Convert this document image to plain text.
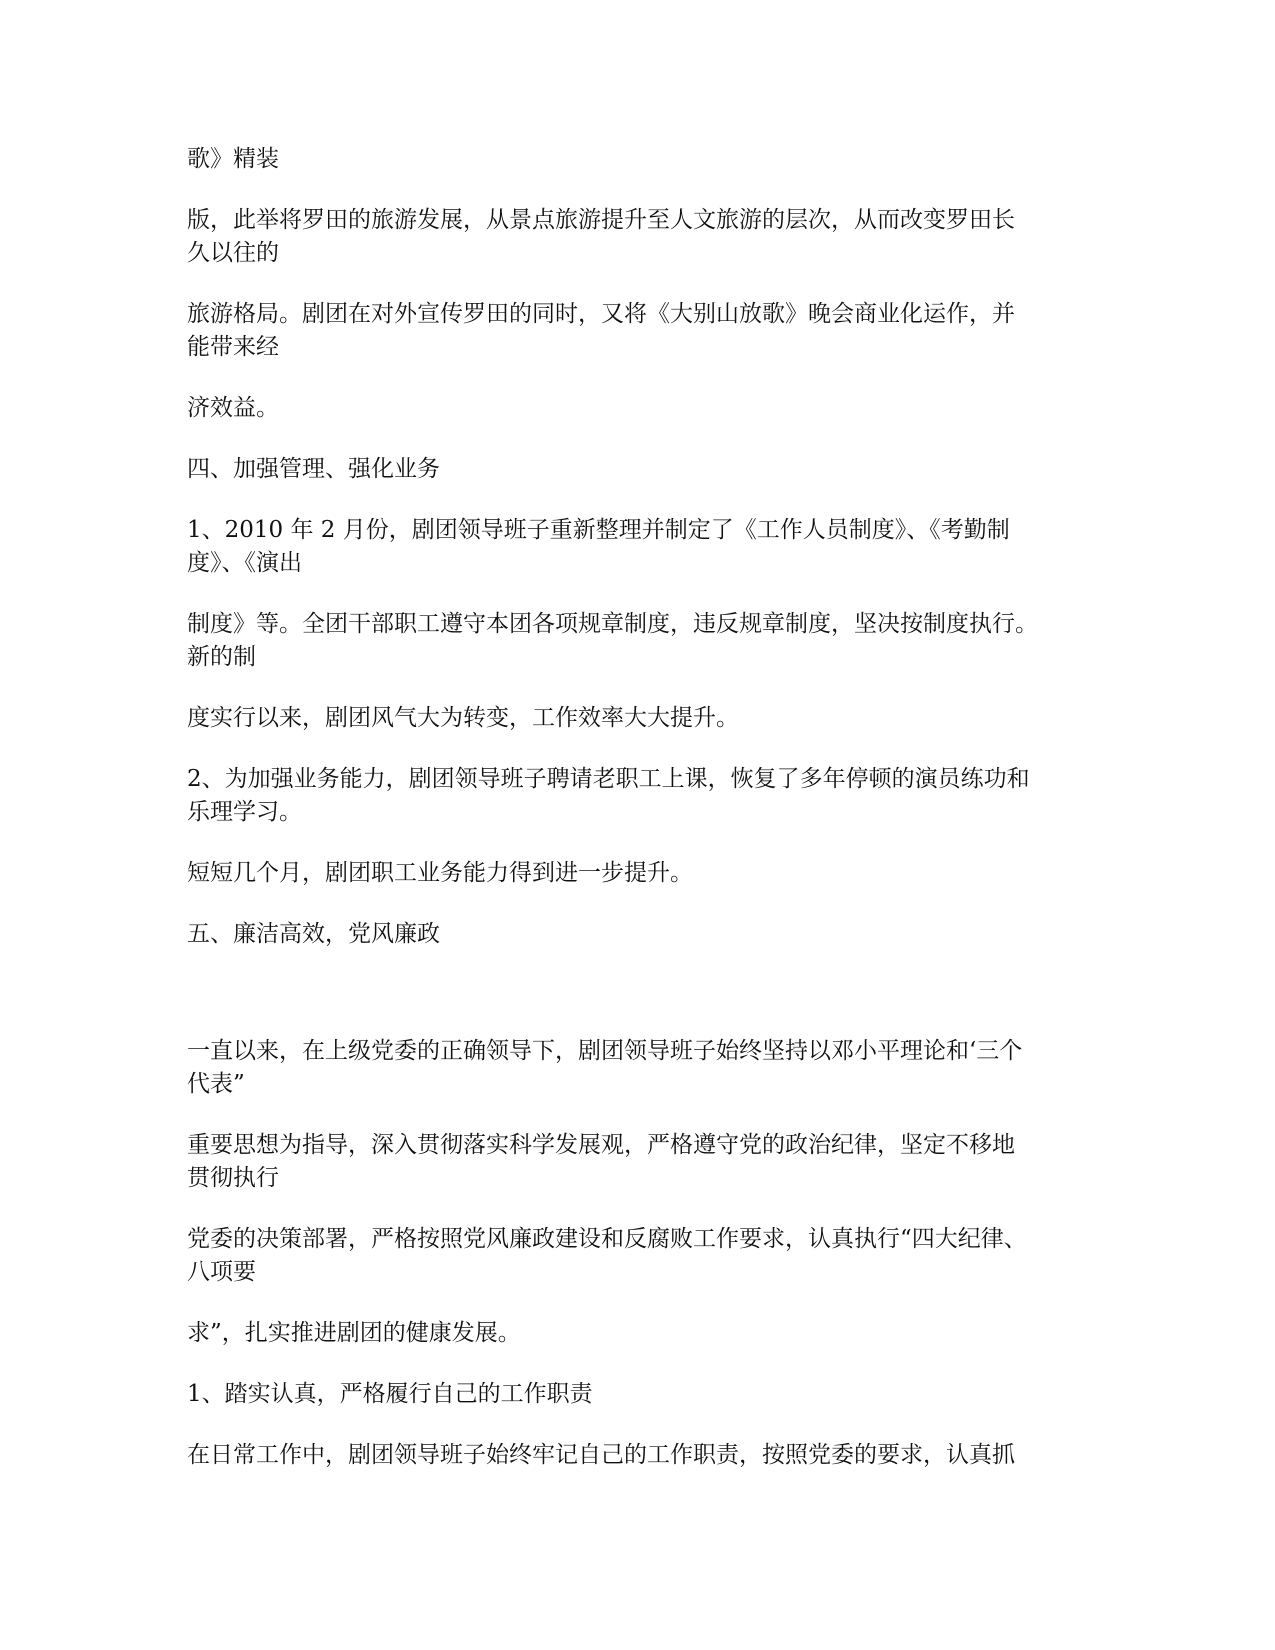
歌》精装

版，此举将罗田的旅游发展，从景点旅游提升至人文旅游的层次，从而改变罗田长
久以往的

旅游格局。剧团在对外宣传罗田的同时，又将《大别山放歌》晚会商业化运作，并
能带来经

济效益。

四、加强管理、强化业务

1、2010 年 2 月份，剧团领导班子重新整理并制定了《工作人员制度》、《考勤制
度》、《演出

制度》等。全团干部职工遵守本团各项规章制度，违反规章制度，坚决按制度执行。
新的制

度实行以来，剧团风气大为转变，工作效率大大提升。

2、为加强业务能力，剧团领导班子聘请老职工上课，恢复了多年停顿的演员练功和
乐理学习。

短短几个月，剧团职工业务能力得到进一步提升。

五、廉洁高效，党风廉政

一直以来，在上级党委的正确领导下，剧团领导班子始终坚持以邓小平理论和‘三个
代表”

重要思想为指导，深入贯彻落实科学发展观，严格遵守党的政治纪律，坚定不移地
贯彻执行

党委的决策部署，严格按照党风廉政建设和反腐败工作要求，认真执行“四大纪律、
八项要

求”，扎实推进剧团的健康发展。

1、踏实认真，严格履行自己的工作职责

在日常工作中，剧团领导班子始终牢记自己的工作职责，按照党委的要求，认真抓
